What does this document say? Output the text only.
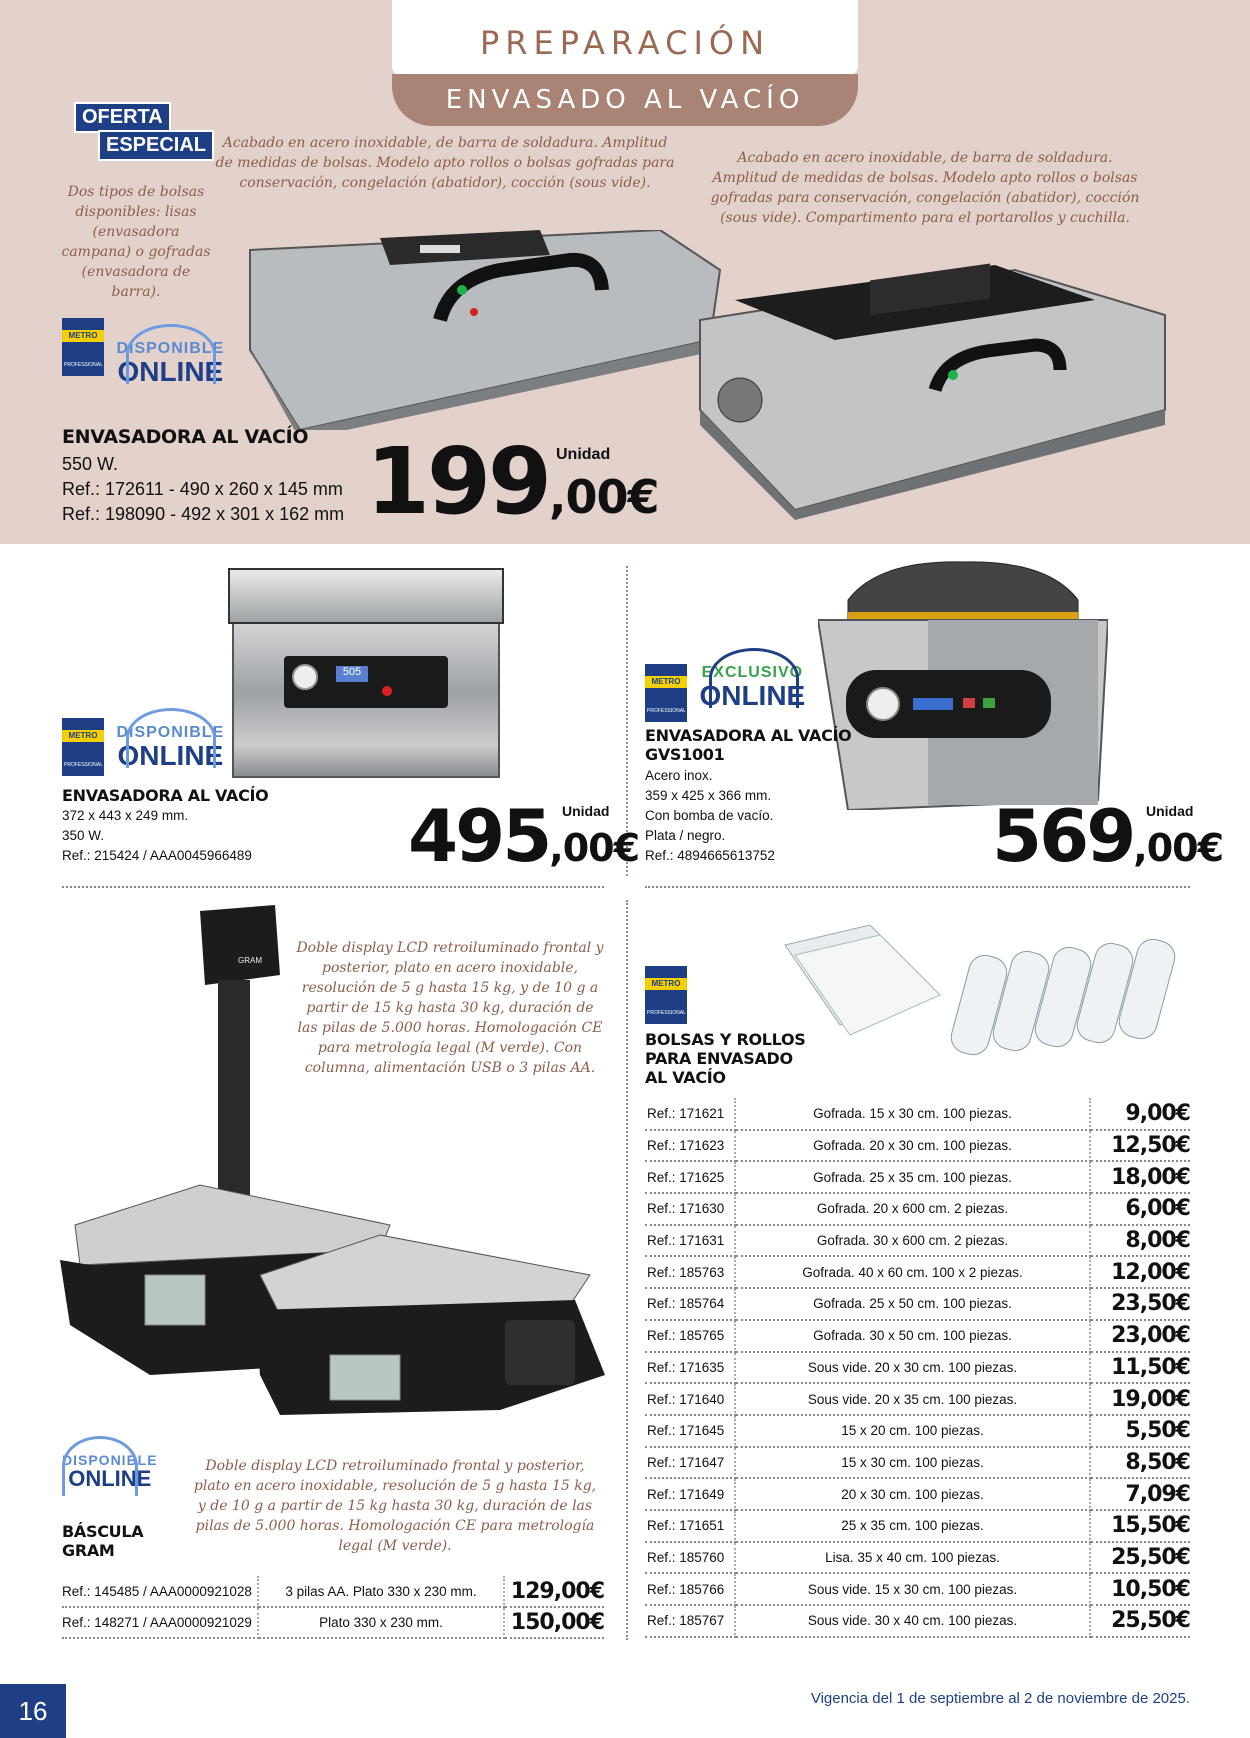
PREPARACIÓN
ENVASADO AL VACÍO
OFERTA
ESPECIAL
Dos tipos de bolsas disponibles: lisas (envasadora campana) o gofradas (envasadora de barra).
Acabado en acero inoxidable, de barra de soldadura. Amplitud de medidas de bolsas. Modelo apto rollos o bolsas gofradas para conservación, congelación (abatidor), cocción (sous vide).
Acabado en acero inoxidable, de barra de soldadura. Amplitud de medidas de bolsas. Modelo apto rollos o bolsas gofradas para conservación, congelación (abatidor), cocción (sous vide). Compartimento para el portarollos y cuchilla.
METRO
PROFESSIONAL

DISPONIBLE
ONLINE
ENVASADORA AL VACÍO
550 W.
Ref.: 172611 - 490 x 260 x 145 mm
Ref.: 198090 - 492 x 301 x 162 mm
Unidad
199,00€
505
METRO
PROFESSIONAL

DISPONIBLE
ONLINE
ENVASADORA AL VACÍO
372 x 443 x 249 mm.
350 W.
Ref.: 215424 / AAA0045966489
Unidad
495,00€
METRO
PROFESSIONAL

EXCLUSIVO
ONLINE
ENVASADORA AL VACÍO
GVS1001
Acero inox.
359 x 425 x 366 mm.
Con bomba de vacío.
Plata / negro.
Ref.: 4894665613752
Unidad
569,00€
GRAM
Doble display LCD retroiluminado frontal y posterior, plato en acero inoxidable, resolución de 5 g hasta 15 kg, y de 10 g a partir de 15 kg hasta 30 kg, duración de las pilas de 5.000 horas. Homologación CE para metrología legal (M verde). Con columna, alimentación USB o 3 pilas AA.
Doble display LCD retroiluminado frontal y posterior, plato en acero inoxidable, resolución de 5 g hasta 15 kg, y de 10 g a partir de 15 kg hasta 30 kg, duración de las pilas de 5.000 horas. Homologación CE para metrología legal (M verde).
DISPONIBLE
ONLINE
BÁSCULA
GRAM
Ref.: 145485 / AAA0000921028	3 pilas AA. Plato 330 x 230 mm.	129,00€
Ref.: 148271 / AAA0000921029	Plato 330 x 230 mm.	150,00€
METRO
PROFESSIONAL
BOLSAS Y ROLLOS
PARA ENVASADO
AL VACÍO
Ref.: 171621	Gofrada. 15 x 30 cm. 100 piezas.	9,00€
Ref.: 171623	Gofrada. 20 x 30 cm. 100 piezas.	12,50€
Ref.: 171625	Gofrada. 25 x 35 cm. 100 piezas.	18,00€
Ref.: 171630	Gofrada. 20 x 600 cm. 2 piezas.	6,00€
Ref.: 171631	Gofrada. 30 x 600 cm. 2 piezas.	8,00€
Ref.: 185763	Gofrada. 40 x 60 cm. 100 x 2 piezas.	12,00€
Ref.: 185764	Gofrada. 25 x 50 cm. 100 piezas.	23,50€
Ref.: 185765	Gofrada. 30 x 50 cm. 100 piezas.	23,00€
Ref.: 171635	Sous vide. 20 x 30 cm. 100 piezas.	11,50€
Ref.: 171640	Sous vide. 20 x 35 cm. 100 piezas.	19,00€
Ref.: 171645	15 x 20 cm. 100 piezas.	5,50€
Ref.: 171647	15 x 30 cm. 100 piezas.	8,50€
Ref.: 171649	20 x 30 cm. 100 piezas.	7,09€
Ref.: 171651	25 x 35 cm. 100 piezas.	15,50€
Ref.: 185760	Lisa. 35 x 40 cm. 100 piezas.	25,50€
Ref.: 185766	Sous vide. 15 x 30 cm. 100 piezas.	10,50€
Ref.: 185767	Sous vide. 30 x 40 cm. 100 piezas.	25,50€
16	Vigencia del 1 de septiembre al 2 de noviembre de 2025.
